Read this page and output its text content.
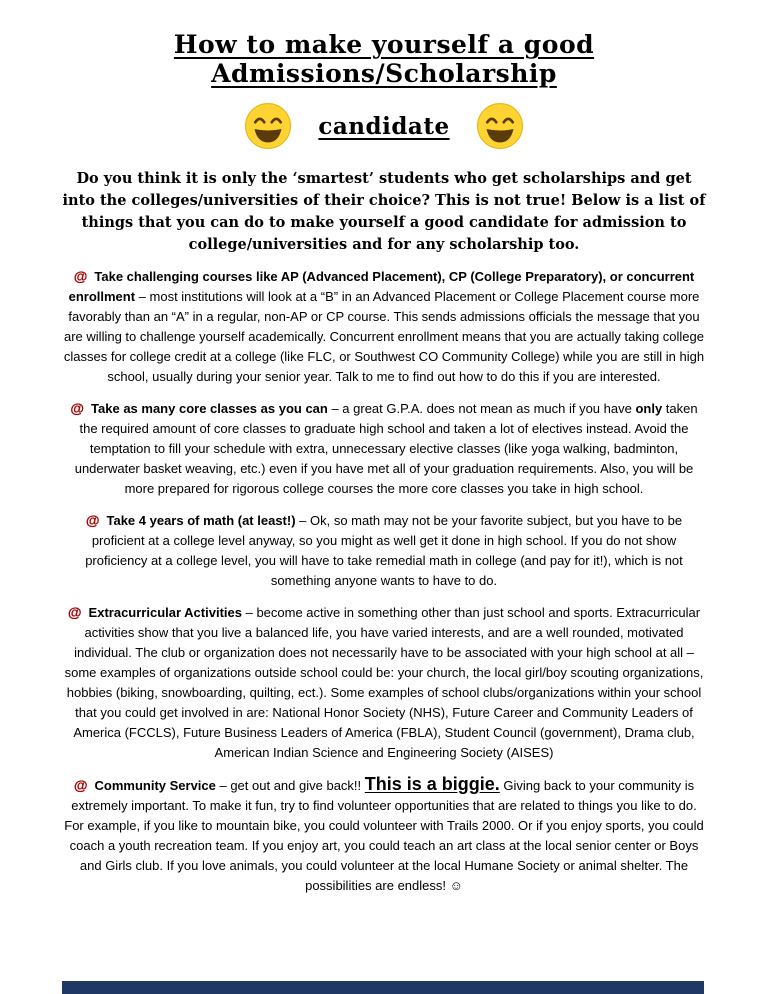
How to make yourself a good Admissions/Scholarship
candidate

Do you think it is only the ‘smartest’ students who get scholarships and get into the colleges/universities of their choice? This is not true! Below is a list of things that you can do to make yourself a good candidate for admission to college/universities and for any scholarship too.

@ Take challenging courses like AP (Advanced Placement), CP (College Preparatory), or concurrent enrollment – most institutions will look at a “B” in an Advanced Placement or College Placement course more favorably than an “A” in a regular, non-AP or CP course. This sends admissions officials the message that you are willing to challenge yourself academically. Concurrent enrollment means that you are actually taking college classes for college credit at a college (like FLC, or Southwest CO Community College) while you are still in high school, usually during your senior year. Talk to me to find out how to do this if you are interested.

@ Take as many core classes as you can – a great G.P.A. does not mean as much if you have only taken the required amount of core classes to graduate high school and taken a lot of electives instead. Avoid the temptation to fill your schedule with extra, unnecessary elective classes (like yoga walking, badminton, underwater basket weaving, etc.) even if you have met all of your graduation requirements. Also, you will be more prepared for rigorous college courses the more core classes you take in high school.

@ Take 4 years of math (at least!) – Ok, so math may not be your favorite subject, but you have to be proficient at a college level anyway, so you might as well get it done in high school. If you do not show proficiency at a college level, you will have to take remedial math in college (and pay for it!), which is not something anyone wants to have to do.

@ Extracurricular Activities – become active in something other than just school and sports. Extracurricular activities show that you live a balanced life, you have varied interests, and are a well rounded, motivated individual. The club or organization does not necessarily have to be associated with your high school at all – some examples of organizations outside school could be: your church, the local girl/boy scouting organizations, hobbies (biking, snowboarding, quilting, ect.). Some examples of school clubs/organizations within your school that you could get involved in are: National Honor Society (NHS), Future Career and Community Leaders of America (FCCLS), Future Business Leaders of America (FBLA), Student Council (government), Drama club, American Indian Science and Engineering Society (AISES)

@ Community Service – get out and give back!! This is a biggie. Giving back to your community is extremely important. To make it fun, try to find volunteer opportunities that are related to things you like to do. For example, if you like to mountain bike, you could volunteer with Trails 2000. Or if you enjoy sports, you could coach a youth recreation team. If you enjoy art, you could teach an art class at the local senior center or Boys and Girls club. If you love animals, you could volunteer at the local Humane Society or animal shelter. The possibilities are endless! ☺
